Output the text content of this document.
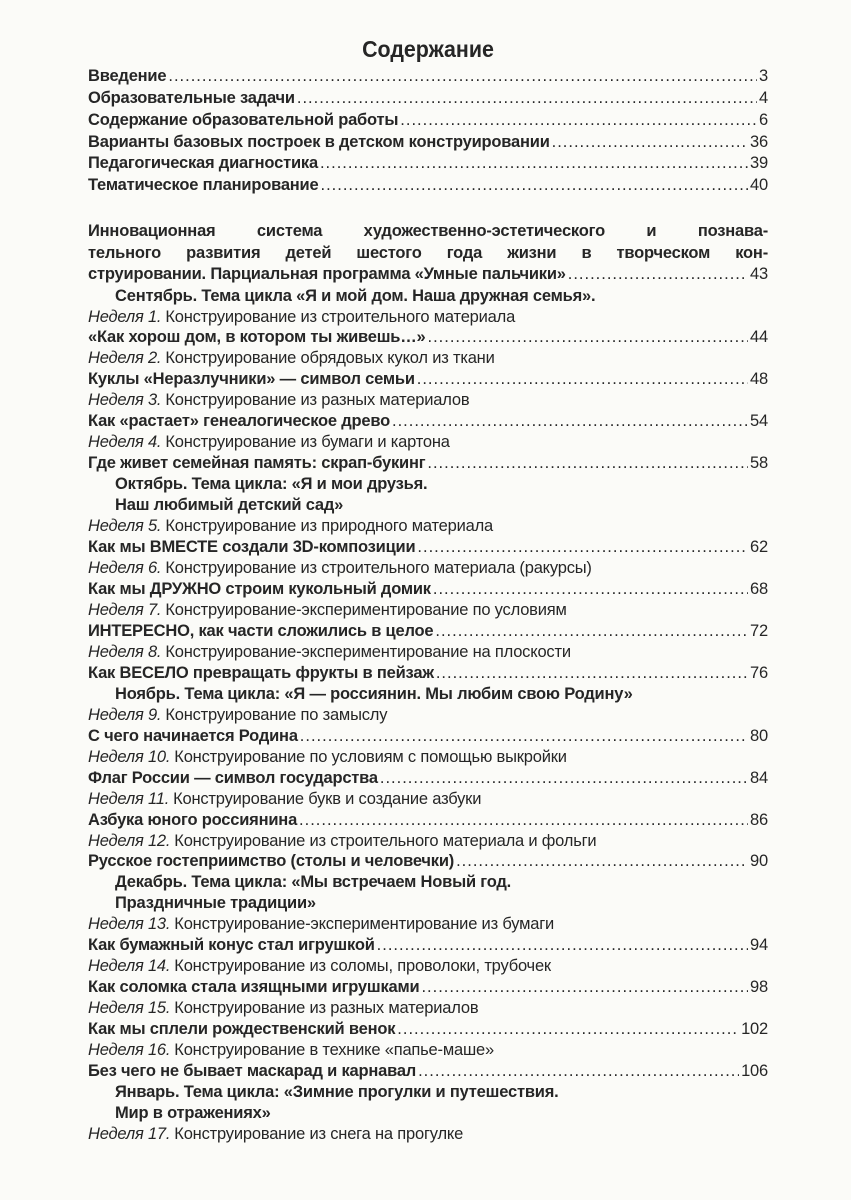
Содержание
Введение .....	3
Образовательные задачи .....	4
Содержание образовательной работы .....	6
Варианты базовых построек в детском конструировании .....	36
Педагогическая диагностика .....	39
Тематическое планирование .....	40
Инновационная система художественно-эстетического и познава-
тельного развития детей шестого года жизни в творческом кон-
струировании. Парциальная программа «Умные пальчики» .....	43
Сентябрь. Тема цикла «Я и мой дом. Наша дружная семья».
Неделя 1. Конструирование из строительного материала
«Как хорош дом, в котором ты живешь…» .....	44
Неделя 2. Конструирование обрядовых кукол из ткани
Куклы «Неразлучники» — символ семьи .....	48
Неделя 3. Конструирование из разных материалов
Как «растает» генеалогическое древо .....	54
Неделя 4. Конструирование из бумаги и картона
Где живет семейная память: скрап-букинг .....	58
Октябрь. Тема цикла: «Я и мои друзья.
Наш любимый детский сад»
Неделя 5. Конструирование из природного материала
Как мы ВМЕСТЕ создали 3D-композиции .....	62
Неделя 6. Конструирование из строительного материала (ракурсы)
Как мы ДРУЖНО строим кукольный домик .....	68
Неделя 7. Конструирование-экспериментирование по условиям
ИНТЕРЕСНО, как части сложились в целое .....	72
Неделя 8. Конструирование-экспериментирование на плоскости
Как ВЕСЕЛО превращать фрукты в пейзаж .....	76
Ноябрь. Тема цикла: «Я — россиянин. Мы любим свою Родину»
Неделя 9. Конструирование по замыслу
С чего начинается Родина .....	80
Неделя 10. Конструирование по условиям с помощью выкройки
Флаг России — символ государства .....	84
Неделя 11. Конструирование букв и создание азбуки
Азбука юного россиянина .....	86
Неделя 12. Конструирование из строительного материала и фольги
Русское гостеприимство (столы и человечки) .....	90
Декабрь. Тема цикла: «Мы встречаем Новый год.
Праздничные традиции»
Неделя 13. Конструирование-экспериментирование из бумаги
Как бумажный конус стал игрушкой .....	94
Неделя 14. Конструирование из соломы, проволоки, трубочек
Как соломка стала изящными игрушками .....	98
Неделя 15. Конструирование из разных материалов
Как мы сплели рождественский венок .....	102
Неделя 16. Конструирование в технике «папье-маше»
Без чего не бывает маскарад и карнавал .....	106
Январь. Тема цикла: «Зимние прогулки и путешествия.
Мир в отражениях»
Неделя 17. Конструирование из снега на прогулке
